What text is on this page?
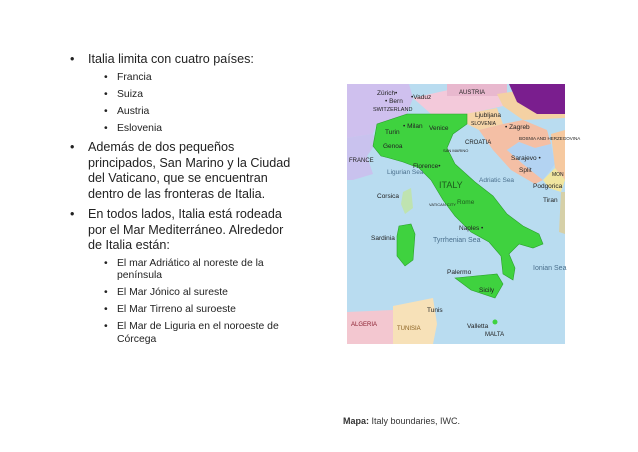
• Italia limita con cuatro países:
• Francia
• Suiza
• Austria
• Eslovenia
• Además de dos pequeños principados, San Marino y la Ciudad del Vaticano, que se encuentran dentro de las fronteras de Italia.
• En todos lados, Italia está rodeada por el Mar Mediterráneo. Alrededor de Italia están:
• El mar Adriático al noreste de la península
• El Mar Jónico al sureste
• El Mar Tirreno al suroeste
• El Mar de Liguria en el noroeste de Córcega
Zürich•
• Bern
SWITZERLAND
•Vaduz
AUSTRIA
Ljubljana
SLOVENIA • Zagreb
CROATIA
BOSNIA AND HERZEGOVINA
Sarajevo •
• Milan Venice
Turin
Genoa
FRANCE
SAN MARINO
Florence•
Ligurian Sea
ITALY	Adriatic Sea
Split
MON
Podgorica
Tiran
Corsica
VATICAN CITY Rome
Sardinia
Naples •
Tyrrhenian Sea
Ionian Sea
Palermo
Sicily
Tunis
ALGERIA
TUNISIA	Valletta
MALTA
Mapa: Italy boundaries, IWC.
